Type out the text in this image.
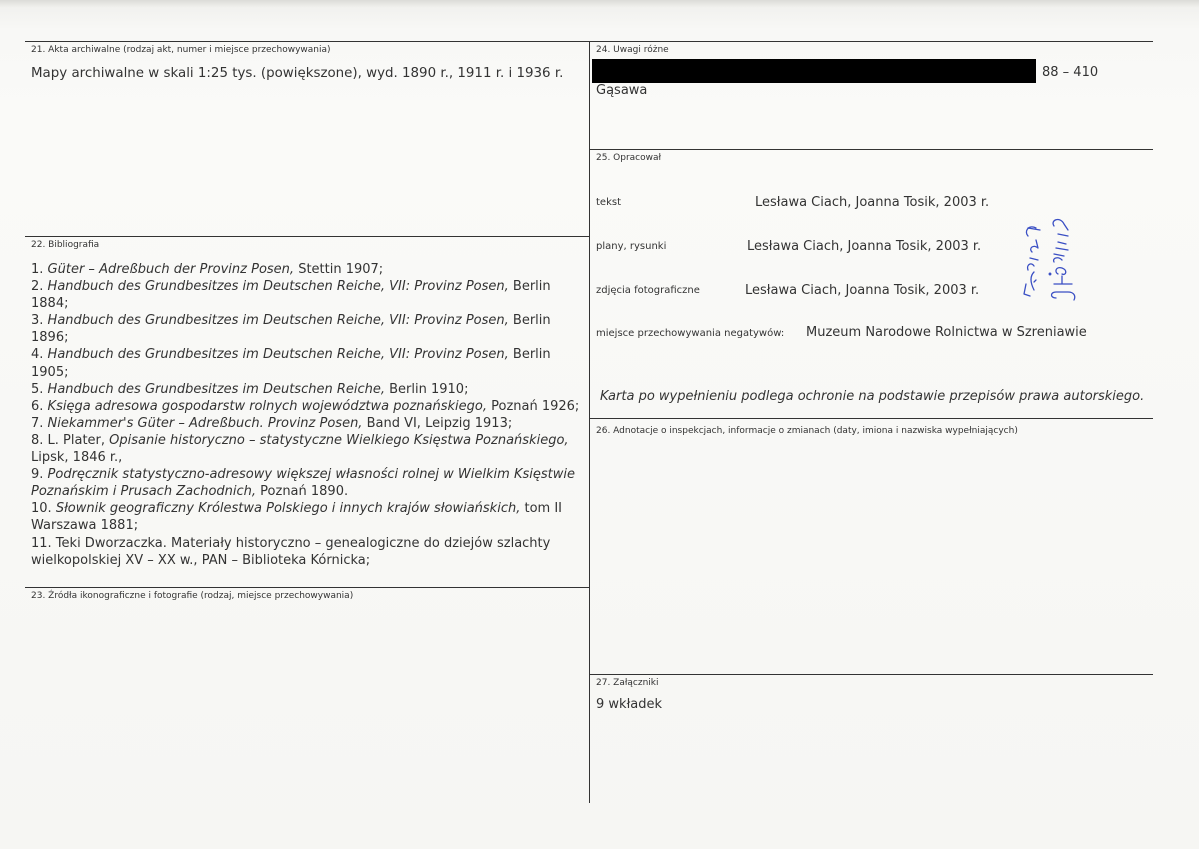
21. Akta archiwalne (rodzaj akt, numer i miejsce przechowywania)
Mapy archiwalne w skali 1:25 tys. (powiększone), wyd. 1890 r., 1911 r. i 1936 r.
22. Bibliografia
1. Güter – Adreßbuch der Provinz Posen, Stettin 1907;
2. Handbuch des Grundbesitzes im Deutschen Reiche, VII: Provinz Posen, Berlin 1884;
3. Handbuch des Grundbesitzes im Deutschen Reiche, VII: Provinz Posen, Berlin 1896;
4. Handbuch des Grundbesitzes im Deutschen Reiche, VII: Provinz Posen, Berlin 1905;
5. Handbuch des Grundbesitzes im Deutschen Reiche, Berlin 1910;
6. Księga adresowa gospodarstw rolnych województwa poznańskiego, Poznań 1926;
7. Niekammer's Güter – Adreßbuch. Provinz Posen, Band VI, Leipzig 1913;
8. L. Plater, Opisanie historyczno – statystyczne Wielkiego Księstwa Poznańskiego, Lipsk, 1846 r.,
9. Podręcznik statystyczno-adresowy większej własności rolnej w Wielkim Księstwie Poznańskim i Prusach Zachodnich, Poznań 1890.
10. Słownik geograficzny Królestwa Polskiego i innych krajów słowiańskich, tom II Warszawa 1881;
11. Teki Dworzaczka. Materiały historyczno – genealogiczne do dziejów szlachty wielkopolskiej XV – XX w., PAN – Biblioteka Kórnicka;
23. Źródła ikonograficzne i fotografie (rodzaj, miejsce przechowywania)
24. Uwagi różne
88 – 410
Gąsawa
25. Opracował
tekst	Lesława Ciach, Joanna Tosik, 2003 r.
plany, rysunki	Lesława Ciach, Joanna Tosik, 2003 r.
zdjęcia fotograficzne	Lesława Ciach, Joanna Tosik, 2003 r.
miejsce przechowywania negatywów: Muzeum Narodowe Rolnictwa w Szreniawie
Karta po wypełnieniu podlega ochronie na podstawie przepisów prawa autorskiego.
26. Adnotacje o inspekcjach, informacje o zmianach (daty, imiona i nazwiska wypełniających)
27. Załączniki
9 wkładek
